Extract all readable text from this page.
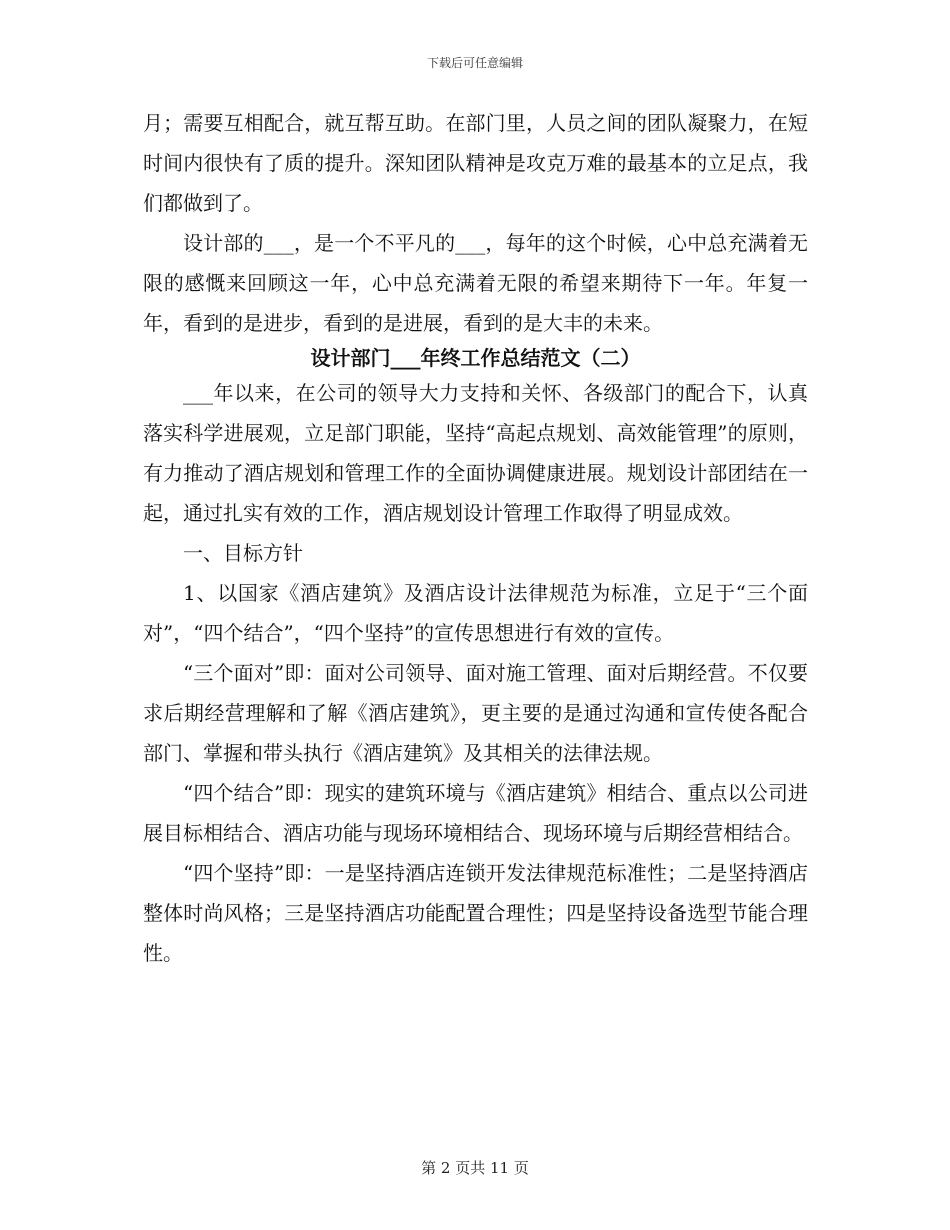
下载后可任意编辑

月；需要互相配合，就互帮互助。在部门里，人员之间的团队凝聚力，在短时间内很快有了质的提升。深知团队精神是攻克万难的最基本的立足点，我们都做到了。

设计部的___，是一个不平凡的___，每年的这个时候，心中总充满着无限的感慨来回顾这一年，心中总充满着无限的希望来期待下一年。年复一年，看到的是进步，看到的是进展，看到的是大丰的未来。

设计部门___年终工作总结范文（二）

___年以来，在公司的领导大力支持和关怀、各级部门的配合下，认真落实科学进展观，立足部门职能，坚持“高起点规划、高效能管理”的原则，有力推动了酒店规划和管理工作的全面协调健康进展。规划设计部团结在一起，通过扎实有效的工作，酒店规划设计管理工作取得了明显成效。

一、目标方针

1、以国家《酒店建筑》及酒店设计法律规范为标准，立足于“三个面对”，“四个结合”，“四个坚持”的宣传思想进行有效的宣传。

“三个面对”即：面对公司领导、面对施工管理、面对后期经营。不仅要求后期经营理解和了解《酒店建筑》，更主要的是通过沟通和宣传使各配合部门、掌握和带头执行《酒店建筑》及其相关的法律法规。

“四个结合”即：现实的建筑环境与《酒店建筑》相结合、重点以公司进展目标相结合、酒店功能与现场环境相结合、现场环境与后期经营相结合。

“四个坚持”即：一是坚持酒店连锁开发法律规范标准性；二是坚持酒店整体时尚风格；三是坚持酒店功能配置合理性；四是坚持设备选型节能合理性。

第 2 页共 11 页
